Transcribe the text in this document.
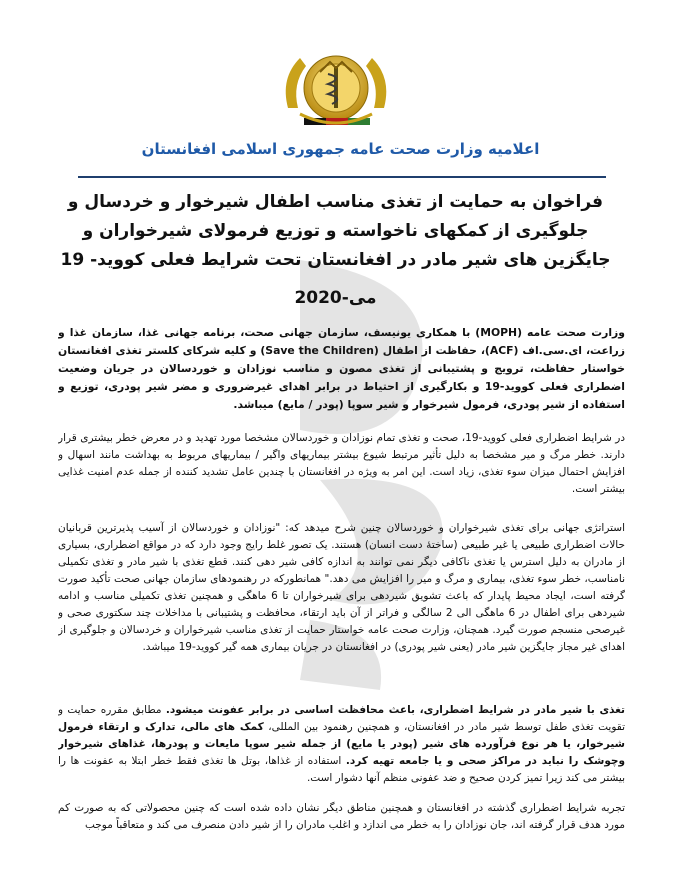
اعلامیه وزارت صحت عامه جمهوری اسلامی افغانستان
فراخوان به حمایت از تغذی مناسب اطفال شیرخوار و خردسال و جلوگیری از کمکهای ناخواسته و توزیع فرمولای شیرخواران و جایگزین های شیر مادر در افغانستان تحت شرایط فعلی کووید- 19
می-2020
وزارت صحت عامه (MOPH) با همکاری یونیسف، سازمان جهانی صحت، برنامه جهانی غذا، سازمان غذا و زراعت، ای.سی.اف (ACF)، حفاظت از اطفال (Save the Children) و کلیه شرکای کلستر تغذی افغانستان خواستار حفاظت، ترویج و پشتیبانی از تغذی مصون و مناسب نوزادان و خوردسالان در جریان وضعیت اضطراری فعلی کووید-19 و بکارگیری از احتیاط در برابر اهدای غیرضروری و مضر شیر پودری، توزیع و استفاده از شیر پودری، فرمول شیرخوار و شیر سوپا (پودر / مایع) میباشد.
در شرایط اضطراری فعلی کووید-19، صحت و تغذی تمام نوزادان و خوردسالان مشخصا مورد تهدید و در معرض خطر بیشتری قرار دارند. خطر مرگ و میر مشخصا به دلیل تأثیر مرتبط شیوع بیشتر بیماریهای واگیر / بیماریهای مربوط به بهداشت مانند اسهال و افزایش احتمال میزان سوء تغذی، زیاد است. این امر به ویژه در افغانستان با چندین عامل تشدید کننده از جمله عدم امنیت غذایی بیشتر است.
استراتژی جهانی برای تغذی شیرخواران و خوردسالان چنین شرح میدهد که: "نوزادان و خوردسالان از آسیب پذیرترین قربانیان حالات اضطراری طبیعی یا غیر طبیعی (ساختهٔ دست انسان) هستند. یک تصور غلط رایج وجود دارد که در مواقع اضطراری، بسیاری از مادران به دلیل استرس یا تغذی ناکافی دیگر نمی توانند به اندازه کافی شیر دهی کنند. قطع تغذی با شیر مادر و تغذی تکمیلی نامناسب، خطر سوء تغذی، بیماری و مرگ و میر را افزایش می دهد." همانطورکه در رهنمودهای سازمان جهانی صحت تأکید صورت گرفته است، ایجاد محیط پایدار که باعث تشویق شیردهی برای شیرخواران تا 6 ماهگی و همچنین تغذی تکمیلی مناسب و ادامه شیردهی برای اطفال در 6 ماهگی الی 2 سالگی و فراتر از آن باید ارتقاء، محافظت و پشتیبانی با مداخلات چند سکتوری صحی و غیرصحی منسجم صورت گیرد. همچنان، وزارت صحت عامه خواستار حمایت از تغذی مناسب شیرخواران و خردسالان و جلوگیری از اهدای غیر مجاز جایگزین شیر مادر (یعنی شیر پودری) در افغانستان در جریان بیماری همه گیر کووید-19 میباشد.
تغذی با شیر مادر در شرایط اضطراری، باعث محافظت اساسی در برابر عفونت میشود. مطابق مقرره حمایت و تقویت تغذی طفل توسط شیر مادر در افغانستان، و همچنین رهنمود بین المللی، کمک های مالی، تدارک و ارتقاء فرمول شیرخوار، یا هر نوع فرآورده های شیر (پودر یا مایع) از جمله شیر سوپا مایعات و پودرها، غذاهای شیرخوار وچوشک را نباید در مراکز صحی و یا جامعه تهیه کرد. استفاده از غذاها، بوتل ها تغذی فقط خطر ابتلا به عفونت ها را بیشتر می کند زیرا تمیز کردن صحیح و ضد عفونی منظم آنها دشوار است.
تجربه شرایط اضطراری گذشته در افغانستان و همچنین مناطق دیگر نشان داده شده است که چنین محصولاتی که به صورت کم مورد هدف قرار گرفته اند، جان نوزادان را به خطر می اندازد و اغلب مادران را از شیر دادن منصرف می کند و متعاقباً موجب
